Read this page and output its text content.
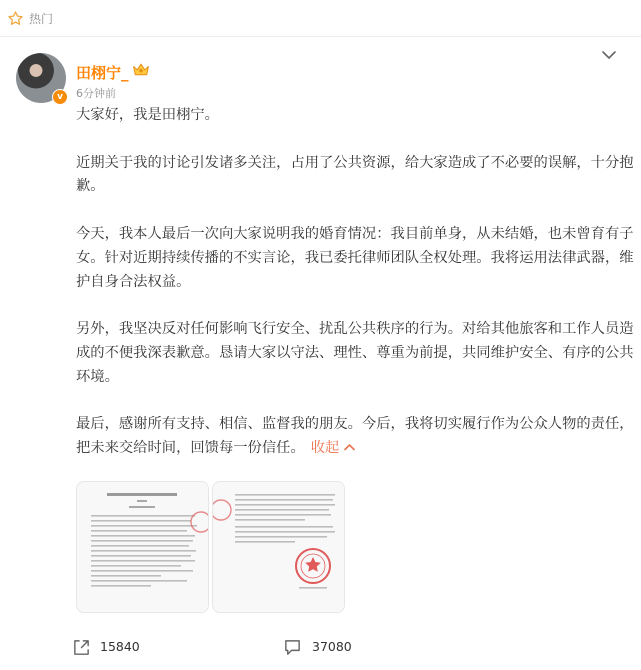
热门
v
田栩宁_
6分钟前

大家好，我是田栩宁。

近期关于我的讨论引发诸多关注，占用了公共资源，给大家造成了不必要的误解，十分抱歉。

今天，我本人最后一次向大家说明我的婚育情况：我目前单身，从未结婚，也未曾育有子女。针对近期持续传播的不实言论，我已委托律师团队全权处理。我将运用法律武器，维护自身合法权益。

另外，我坚决反对任何影响飞行安全、扰乱公共秩序的行为。对给其他旅客和工作人员造成的不便我深表歉意。恳请大家以守法、理性、尊重为前提，共同维护安全、有序的公共环境。

最后，感谢所有支持、相信、监督我的朋友。今后，我将切实履行作为公众人物的责任，把未来交给时间，回馈每一份信任。 收起

15840	37080
